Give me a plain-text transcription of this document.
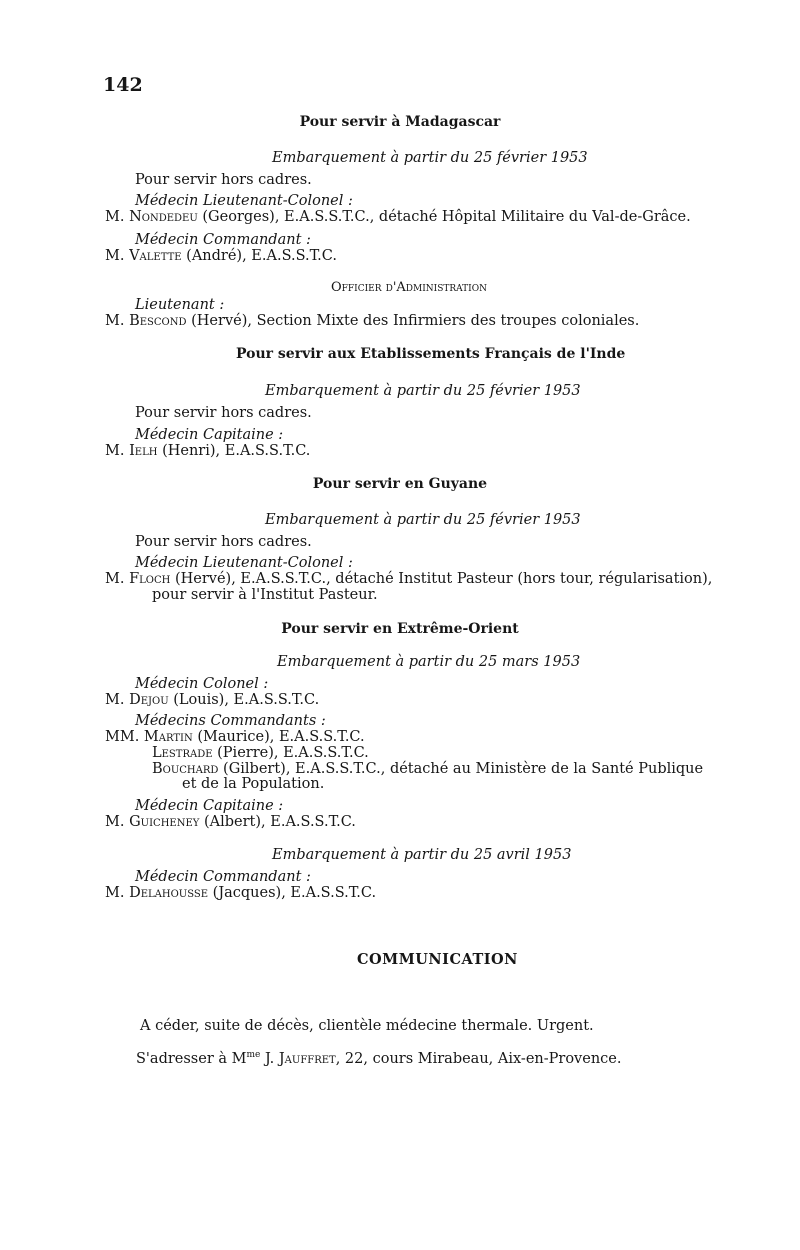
142
Pour servir à Madagascar
Embarquement à partir du 25 février 1953
Pour servir hors cadres.
Médecin Lieutenant-Colonel :
M. Nondedeu (Georges), E.A.S.S.T.C., détaché Hôpital Militaire du Val-de-Grâce.
Médecin Commandant :
M. Valette (André), E.A.S.S.T.C.
Officier d'Administration
Lieutenant :
M. Bescond (Hervé), Section Mixte des Infirmiers des troupes coloniales.
Pour servir aux Etablissements Français de l'Inde
Embarquement à partir du 25 février 1953
Pour servir hors cadres.
Médecin Capitaine :
M. Ielh (Henri), E.A.S.S.T.C.
Pour servir en Guyane
Embarquement à partir du 25 février 1953
Pour servir hors cadres.
Médecin Lieutenant-Colonel :
M. Floch (Hervé), E.A.S.S.T.C., détaché Institut Pasteur (hors tour, régularisation),
pour servir à l'Institut Pasteur.
Pour servir en Extrême-Orient
Embarquement à partir du 25 mars 1953
Médecin Colonel :
M. Dejou (Louis), E.A.S.S.T.C.
Médecins Commandants :
MM. Martin (Maurice), E.A.S.S.T.C.
Lestrade (Pierre), E.A.S.S.T.C.
Bouchard (Gilbert), E.A.S.S.T.C., détaché au Ministère de la Santé Publique
et de la Population.
Médecin Capitaine :
M. Guicheney (Albert), E.A.S.S.T.C.
Embarquement à partir du 25 avril 1953
Médecin Commandant :
M. Delahousse (Jacques), E.A.S.S.T.C.
COMMUNICATION
A céder, suite de décès, clientèle médecine thermale. Urgent.
S'adresser à $M^{me}$ J. Jauffret, 22, cours Mirabeau, Aix-en-Provence.
